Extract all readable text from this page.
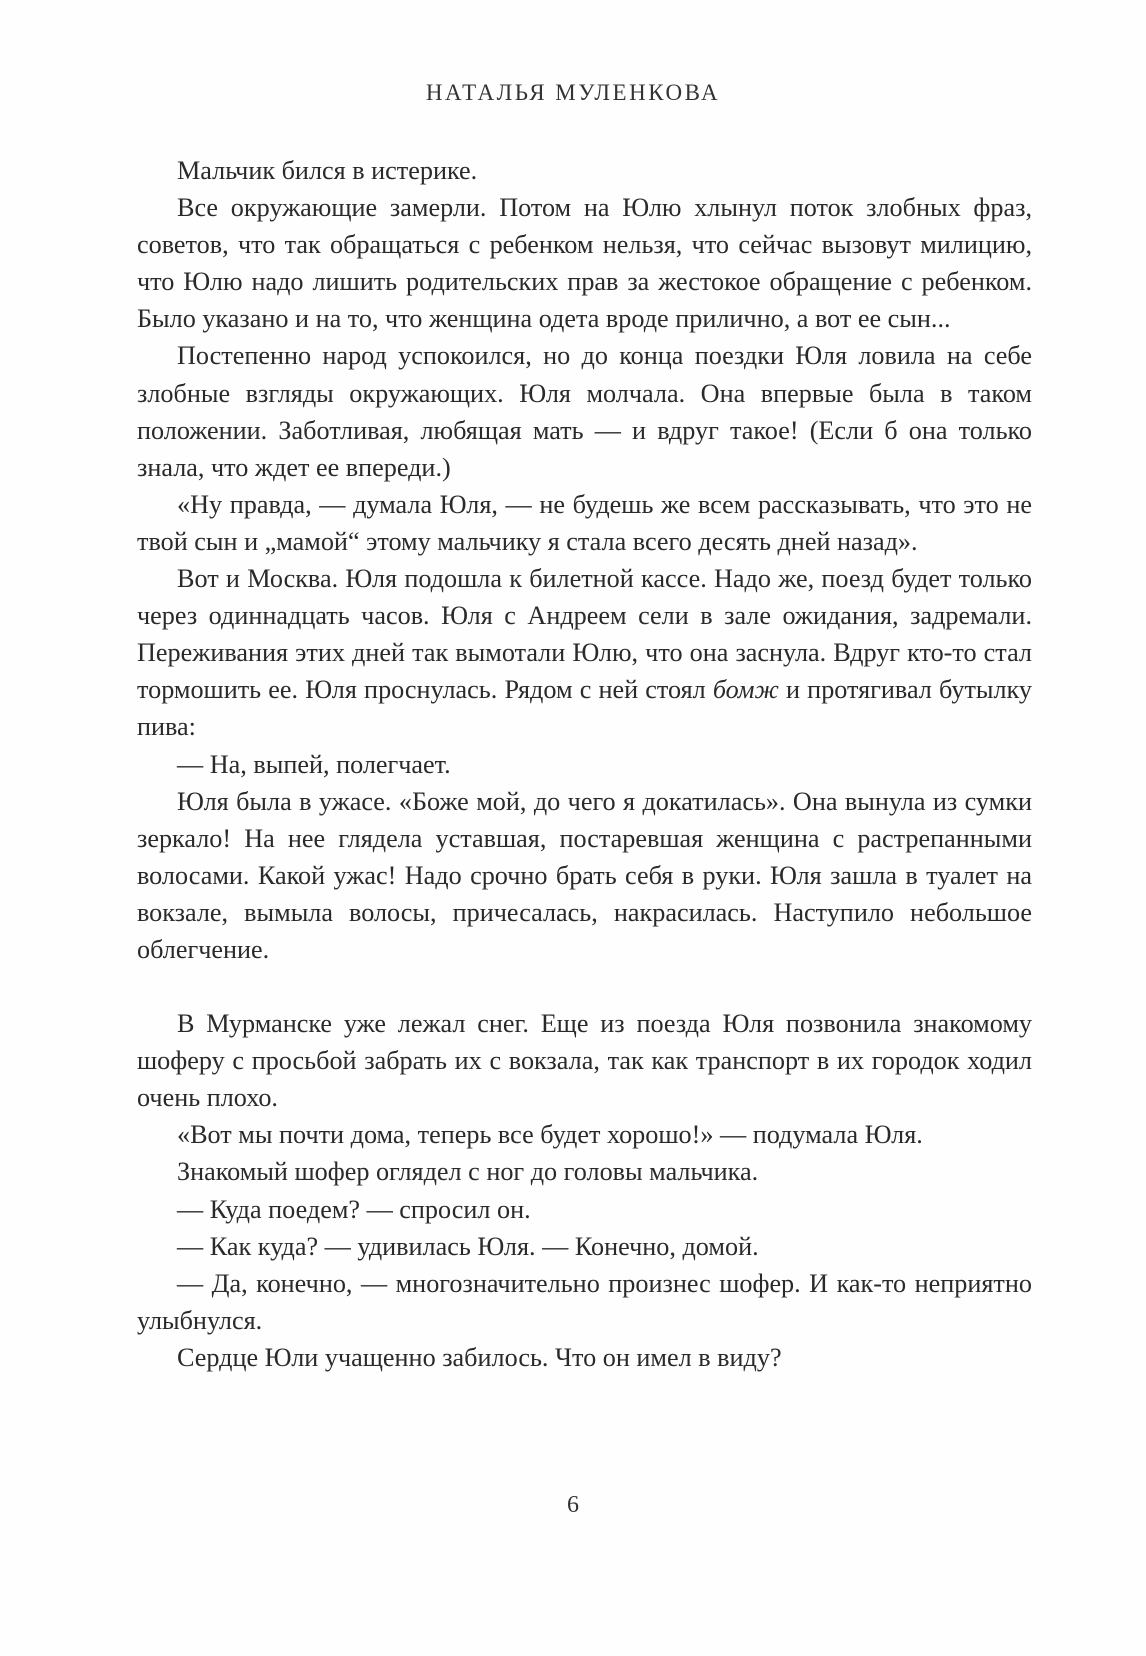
НАТАЛЬЯ МУЛЕНКОВА

Мальчик бился в истерике.

Все окружающие замерли. Потом на Юлю хлынул поток злобных фраз, советов, что так обращаться с ребенком нельзя, что сейчас вызовут милицию, что Юлю надо лишить родительских прав за жестокое обращение с ребенком. Было указано и на то, что женщина одета вроде прилично, а вот ее сын...

Постепенно народ успокоился, но до конца поездки Юля ловила на себе злобные взгляды окружающих. Юля молчала. Она впервые была в таком положении. Заботливая, любящая мать — и вдруг такое! (Если б она только знала, что ждет ее впереди.)

«Ну правда, — думала Юля, — не будешь же всем рассказывать, что это не твой сын и „мамой“ этому мальчику я стала всего десять дней назад».

Вот и Москва. Юля подошла к билетной кассе. Надо же, поезд будет только через одиннадцать часов. Юля с Андреем сели в зале ожидания, задремали. Переживания этих дней так вымотали Юлю, что она заснула. Вдруг кто-то стал тормошить ее. Юля проснулась. Рядом с ней стоял бомж и протягивал бутылку пива:

— На, выпей, полегчает.

Юля была в ужасе. «Боже мой, до чего я докатилась». Она вынула из сумки зеркало! На нее глядела уставшая, постаревшая женщина с растрепанными волосами. Какой ужас! Надо срочно брать себя в руки. Юля зашла в туалет на вокзале, вымыла волосы, причесалась, накрасилась. Наступило небольшое облегчение.

В Мурманске уже лежал снег. Еще из поезда Юля позвонила знакомому шоферу с просьбой забрать их с вокзала, так как транспорт в их городок ходил очень плохо.

«Вот мы почти дома, теперь все будет хорошо!» — подумала Юля.

Знакомый шофер оглядел с ног до головы мальчика.

— Куда поедем? — спросил он.

— Как куда? — удивилась Юля. — Конечно, домой.

— Да, конечно, — многозначительно произнес шофер. И как-то неприятно улыбнулся.

Сердце Юли учащенно забилось. Что он имел в виду?

6
